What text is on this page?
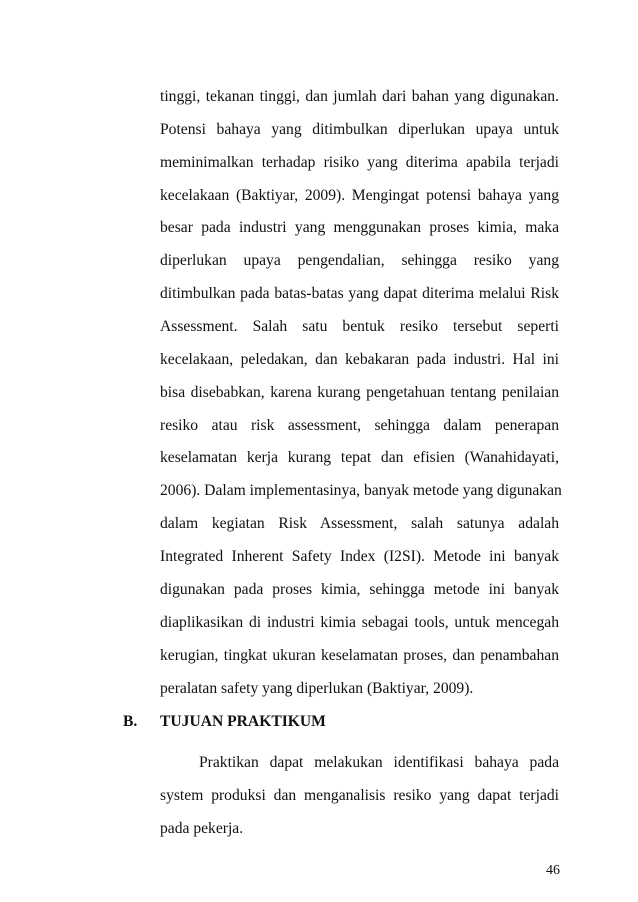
tinggi, tekanan tinggi, dan jumlah dari bahan yang digunakan.
Potensi bahaya yang ditimbulkan diperlukan upaya untuk
meminimalkan terhadap risiko yang diterima apabila terjadi
kecelakaan (Baktiyar, 2009). Mengingat potensi bahaya yang
besar pada industri yang menggunakan proses kimia, maka
diperlukan upaya pengendalian, sehingga resiko yang
ditimbulkan pada batas-batas yang dapat diterima melalui Risk
Assessment. Salah satu bentuk resiko tersebut seperti
kecelakaan, peledakan, dan kebakaran pada industri. Hal ini
bisa disebabkan, karena kurang pengetahuan tentang penilaian
resiko atau risk assessment, sehingga dalam penerapan
keselamatan kerja kurang tepat dan efisien (Wanahidayati,
2006). Dalam implementasinya, banyak metode yang digunakan
dalam kegiatan Risk Assessment, salah satunya adalah
Integrated Inherent Safety Index (I2SI). Metode ini banyak
digunakan pada proses kimia, sehingga metode ini banyak
diaplikasikan di industri kimia sebagai tools, untuk mencegah
kerugian, tingkat ukuran keselamatan proses, dan penambahan
peralatan safety yang diperlukan (Baktiyar, 2009).
B. TUJUAN PRAKTIKUM
Praktikan dapat melakukan identifikasi bahaya pada
system produksi dan menganalisis resiko yang dapat terjadi
pada pekerja.
46
